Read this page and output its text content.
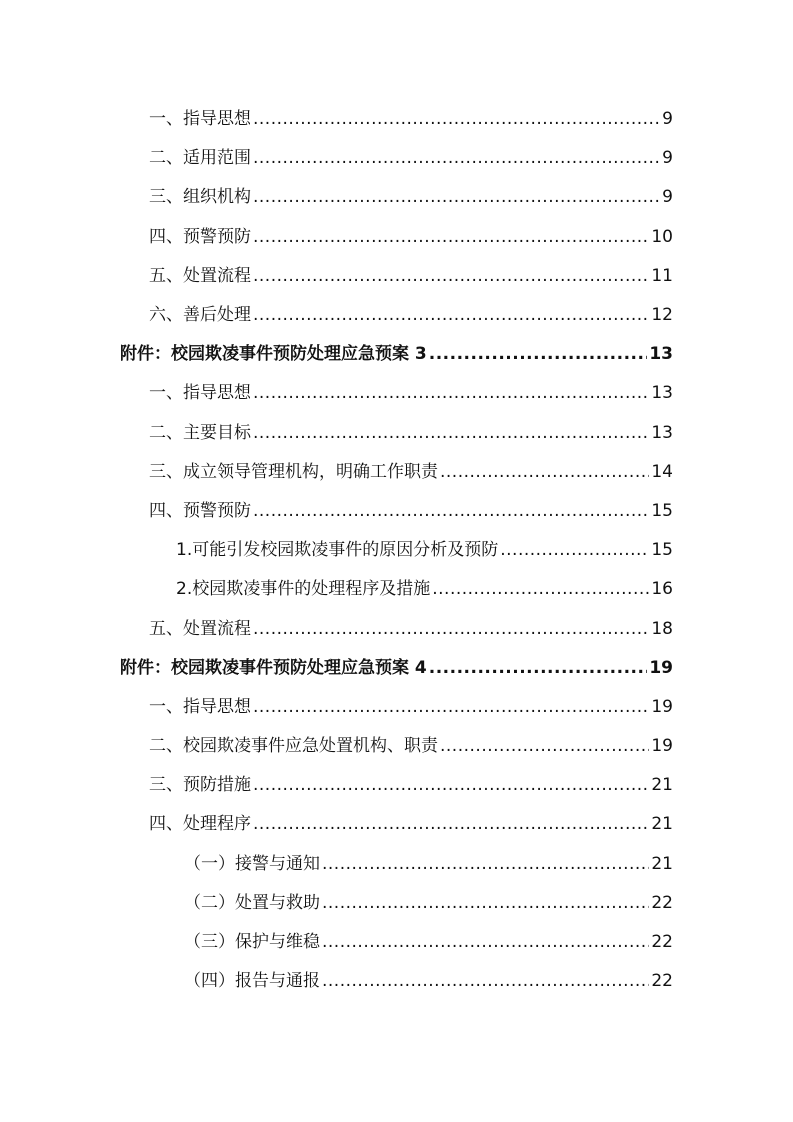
一、指导思想 .....	9
二、适用范围 .....	9
三、组织机构 .....	9
四、预警预防 .....	10
五、处置流程 .....	11
六、善后处理 .....	12
附件：校园欺凌事件预防处理应急预案 3 .....	13
一、指导思想 .....	13
二、主要目标 .....	13
三、成立领导管理机构，明确工作职责 .....	14
四、预警预防 .....	15
1.可能引发校园欺凌事件的原因分析及预防 .....	15
2.校园欺凌事件的处理程序及措施 .....	16
五、处置流程 .....	18
附件：校园欺凌事件预防处理应急预案 4 .....	19
一、指导思想 .....	19
二、校园欺凌事件应急处置机构、职责 .....	19
三、预防措施 .....	21
四、处理程序 .....	21
（一）接警与通知 .....	21
（二）处置与救助 .....	22
（三）保护与维稳 .....	22
（四）报告与通报 .....	22
